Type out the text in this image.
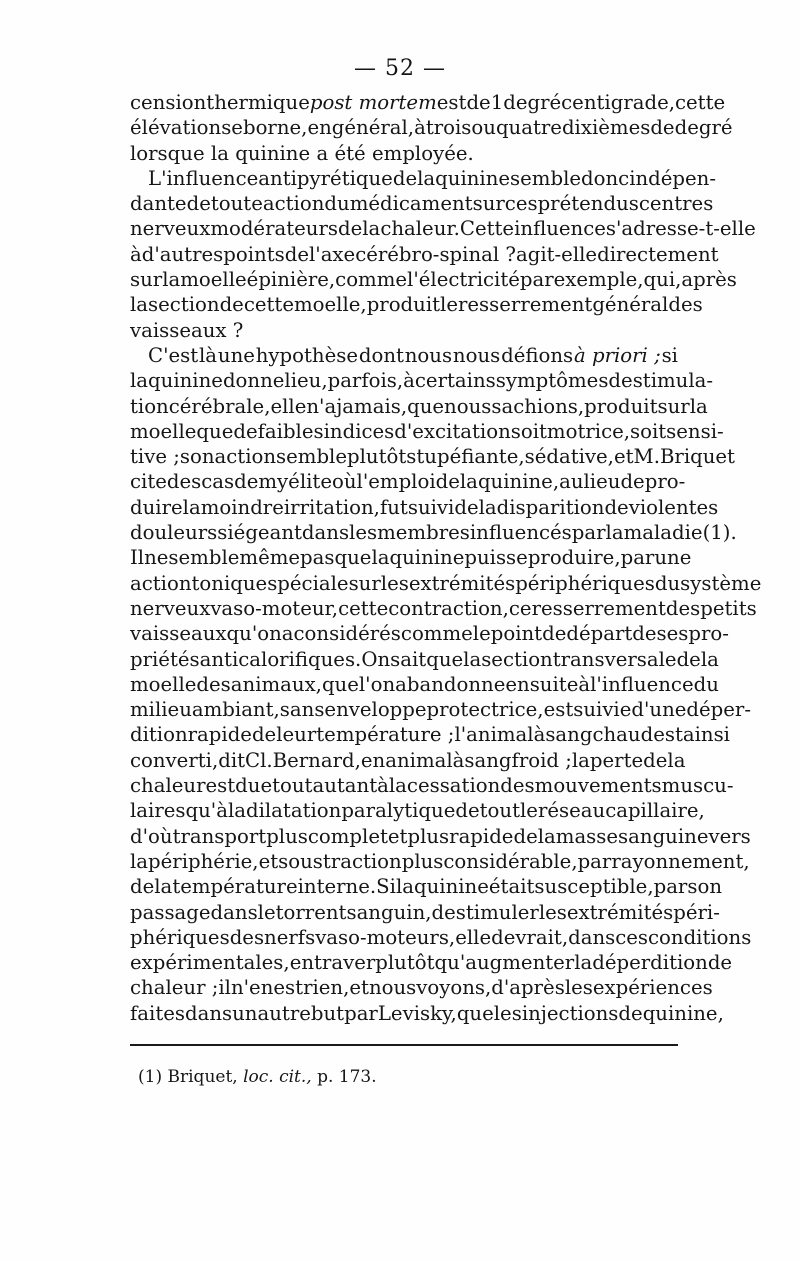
— 52 —
cension thermique post mortem est de 1 degré centigrade, cette
élévation se borne, en général, à trois ou quatre dixièmes de degré
lorsque la quinine a été employée.
L'influence antipyrétique de la quinine semble donc indépen-
dante de toute action du médicament sur ces prétendus centres
nerveux modérateurs de la chaleur. Cette influence s'adresse-t-elle
à d'autres points de l'axe cérébro-spinal ? agit-elle directement
sur la moelle épinière, comme l'électricité par exemple, qui, après
la section de cette moelle, produit le resserrement général des
vaisseaux ?
C'est là une hypothèse dont nous nous défions à priori ; si
la quinine donne lieu, parfois, à certains symptômes de stimula-
tion cérébrale, elle n'a jamais, que nous sachions, produit sur la
moelle que de faibles indices d'excitation soit motrice, soit sensi-
tive ; son action semble plutôt stupéfiante, sédative, et M. Briquet
cite des cas de myélite où l'emploi de la quinine, au lieu de pro-
duire la moindre irritation, fut suivi de la disparition de violentes
douleurs siégeant dans les membres influencés par la maladie (1).
Il ne semble même pas que la quinine puisse produire, par une
action tonique spéciale sur les extrémités périphériques du système
nerveux vaso-moteur, cette contraction, ce resserrement des petits
vaisseaux qu'on a considérés comme le point de départ de ses pro-
priétés anticalorifiques. On sait que la section transversale de la
moelle des animaux, que l'on abandonne ensuite à l'influence du
milieu ambiant, sans enveloppe protectrice, est suivie d'une déper-
dition rapide de leur température ; l'animal à sang chaud est ainsi
converti, dit Cl. Bernard, en animal à sang froid ; la perte de la
chaleur est due tout autant à la cessation des mouvements muscu-
laires qu'à la dilatation paralytique de tout le réseau capillaire,
d'où transport plus complet et plus rapide de la masse sanguine vers
la périphérie, et soustraction plus considérable, par rayonnement,
de la température interne. Si la quinine était susceptible, par son
passage dans le torrent sanguin, de stimuler les extrémités péri-
phériques des nerfs vaso-moteurs, elle devrait, dans ces conditions
expérimentales, entraver plutôt qu'augmenter la déperdition de
chaleur ; il n'en est rien, et nous voyons, d'après les expériences
faites dans un autre but par Levisky, que les injections de quinine,
(1) Briquet, loc. cit., p. 173.
